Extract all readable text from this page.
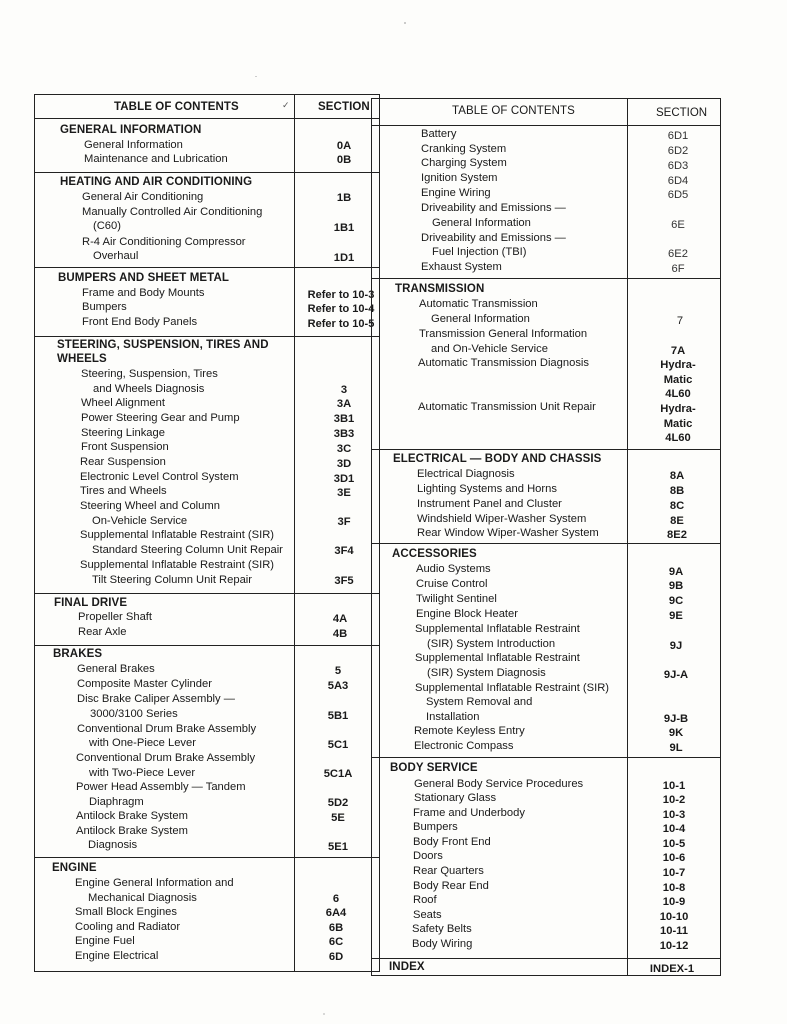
TABLE OF CONTENTS	✓ SECTION
GENERAL INFORMATION
General Information	0A
Maintenance and Lubrication	0B
HEATING AND AIR CONDITIONING
General Air Conditioning	1B
Manually Controlled Air Conditioning
(C60)	1B1
R-4 Air Conditioning Compressor
Overhaul	1D1
BUMPERS AND SHEET METAL
Frame and Body Mounts	Refer to 10-3
Bumpers	Refer to 10-4
Front End Body Panels	Refer to 10-5
STEERING, SUSPENSION, TIRES AND
WHEELS
Steering, Suspension, Tires
and Wheels Diagnosis	3
Wheel Alignment	3A
Power Steering Gear and Pump	3B1
Steering Linkage	3B3
Front Suspension	3C
Rear Suspension	3D
Electronic Level Control System	3D1
Tires and Wheels	3E
Steering Wheel and Column
On-Vehicle Service	3F
Supplemental Inflatable Restraint (SIR)
Standard Steering Column Unit Repair	3F4
Supplemental Inflatable Restraint (SIR)
Tilt Steering Column Unit Repair	3F5
FINAL DRIVE
Propeller Shaft	4A
Rear Axle	4B
BRAKES
General Brakes	5
Composite Master Cylinder	5A3
Disc Brake Caliper Assembly —
3000/3100 Series	5B1
Conventional Drum Brake Assembly
with One-Piece Lever	5C1
Conventional Drum Brake Assembly
with Two-Piece Lever	5C1A
Power Head Assembly — Tandem
Diaphragm	5D2
Antilock Brake System	5E
Antilock Brake System
Diagnosis	5E1
ENGINE
Engine General Information and
Mechanical Diagnosis	6
Small Block Engines	6A4
Cooling and Radiator	6B
Engine Fuel	6C
Engine Electrical	6D
TABLE OF CONTENTS	SECTION
Battery	6D1
Cranking System	6D2
Charging System	6D3
Ignition System	6D4
Engine Wiring	6D5
Driveability and Emissions —
General Information	6E
Driveability and Emissions —
Fuel Injection (TBI)	6E2
Exhaust System	6F
TRANSMISSION
Automatic Transmission
General Information	7
Transmission General Information
and On-Vehicle Service	7A
Automatic Transmission Diagnosis	Hydra-
Matic
4L60
Automatic Transmission Unit Repair	Hydra-
Matic
4L60
ELECTRICAL — BODY AND CHASSIS
Electrical Diagnosis	8A
Lighting Systems and Horns	8B
Instrument Panel and Cluster	8C
Windshield Wiper-Washer System	8E
Rear Window Wiper-Washer System	8E2
ACCESSORIES
Audio Systems	9A
Cruise Control	9B
Twilight Sentinel	9C
Engine Block Heater	9E
Supplemental Inflatable Restraint
(SIR) System Introduction	9J
Supplemental Inflatable Restraint
(SIR) System Diagnosis	9J-A
Supplemental Inflatable Restraint (SIR)
System Removal and
Installation	9J-B
Remote Keyless Entry	9K
Electronic Compass	9L
BODY SERVICE
General Body Service Procedures	10-1
Stationary Glass	10-2
Frame and Underbody	10-3
Bumpers	10-4
Body Front End	10-5
Doors	10-6
Rear Quarters	10-7
Body Rear End	10-8
Roof	10-9
Seats	10-10
Safety Belts	10-11
Body Wiring	10-12
INDEX	INDEX-1
